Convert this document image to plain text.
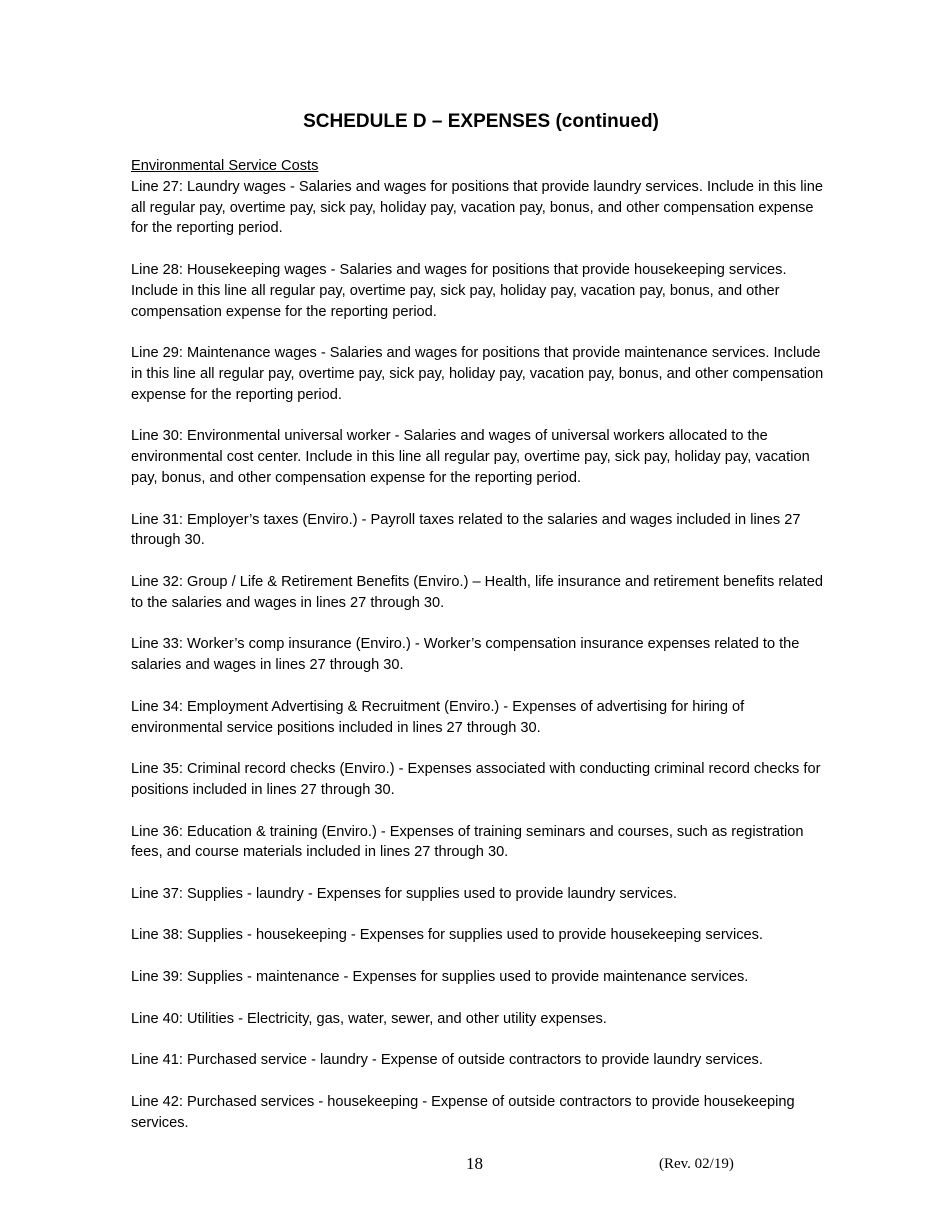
SCHEDULE D – EXPENSES (continued)

Environmental Service Costs

Line 27: Laundry wages - Salaries and wages for positions that provide laundry services. Include in this line all regular pay, overtime pay, sick pay, holiday pay, vacation pay, bonus, and other compensation expense for the reporting period.

Line 28: Housekeeping wages - Salaries and wages for positions that provide housekeeping services. Include in this line all regular pay, overtime pay, sick pay, holiday pay, vacation pay, bonus, and other compensation expense for the reporting period.

Line 29: Maintenance wages - Salaries and wages for positions that provide maintenance services. Include in this line all regular pay, overtime pay, sick pay, holiday pay, vacation pay, bonus, and other compensation expense for the reporting period.

Line 30: Environmental universal worker - Salaries and wages of universal workers allocated to the environmental cost center. Include in this line all regular pay, overtime pay, sick pay, holiday pay, vacation pay, bonus, and other compensation expense for the reporting period.

Line 31: Employer’s taxes (Enviro.) - Payroll taxes related to the salaries and wages included in lines 27 through 30.

Line 32: Group / Life & Retirement Benefits (Enviro.) – Health, life insurance and retirement benefits related to the salaries and wages in lines 27 through 30.

Line 33: Worker’s comp insurance (Enviro.) - Worker’s compensation insurance expenses related to the salaries and wages in lines 27 through 30.

Line 34: Employment Advertising & Recruitment (Enviro.) - Expenses of advertising for hiring of environmental service positions included in lines 27 through 30.

Line 35: Criminal record checks (Enviro.) - Expenses associated with conducting criminal record checks for positions included in lines 27 through 30.

Line 36: Education & training (Enviro.) - Expenses of training seminars and courses, such as registration fees, and course materials included in lines 27 through 30.

Line 37: Supplies - laundry - Expenses for supplies used to provide laundry services.

Line 38: Supplies - housekeeping - Expenses for supplies used to provide housekeeping services.

Line 39: Supplies - maintenance - Expenses for supplies used to provide maintenance services.

Line 40: Utilities - Electricity, gas, water, sewer, and other utility expenses.

Line 41: Purchased service - laundry - Expense of outside contractors to provide laundry services.

Line 42: Purchased services - housekeeping - Expense of outside contractors to provide housekeeping services.

18	(Rev. 02/19)
